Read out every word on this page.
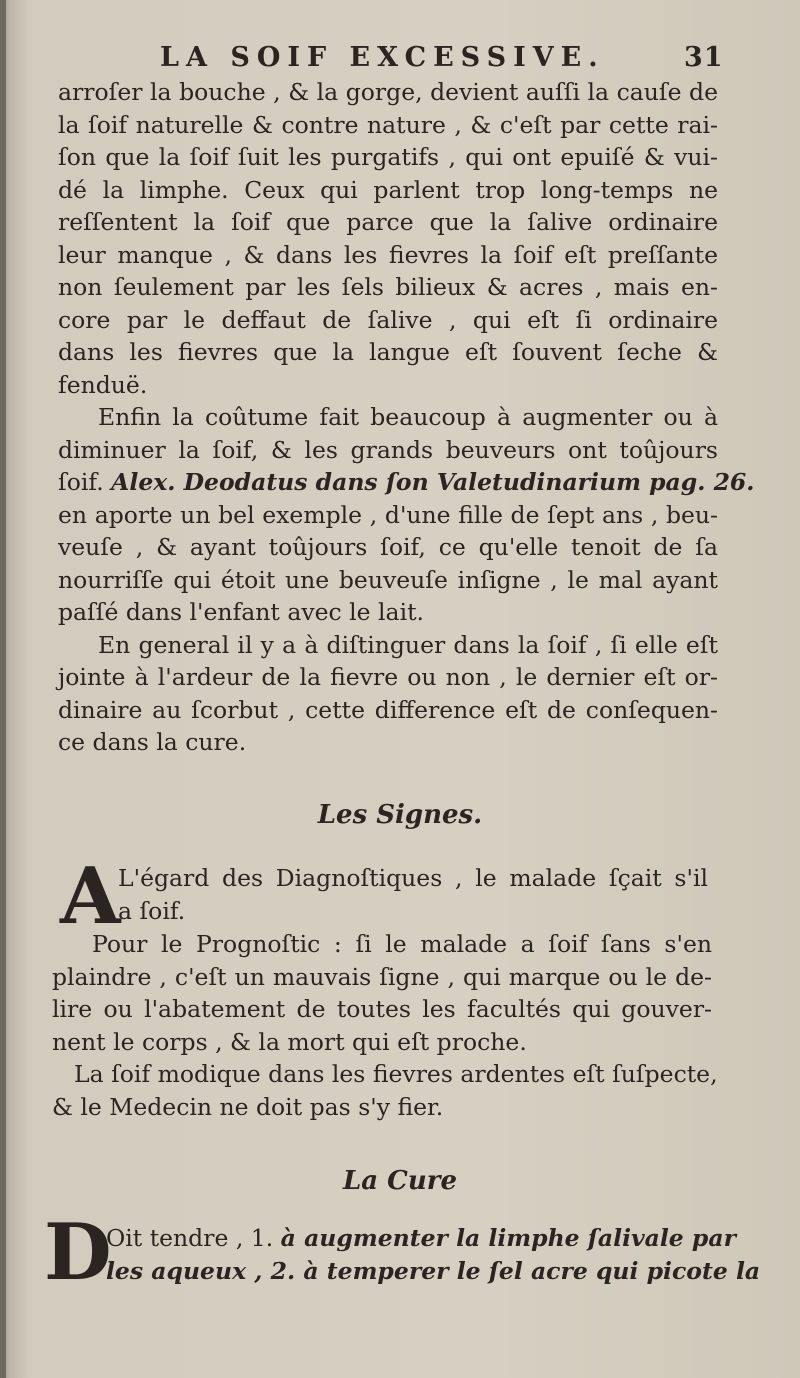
LA SOIF EXCESSIVE.	31
arroſer la bouche , & la gorge, devient auſſi la cauſe de
la ſoif naturelle & contre nature , & c'eſt par cette rai-
ſon que la ſoif ſuit les purgatifs , qui ont epuiſé & vui-
dé la limphe. Ceux qui parlent trop long-temps ne
reſſentent la ſoif que parce que la ſalive ordinaire
leur manque , & dans les fievres la ſoif eſt preſſante
non ſeulement par les ſels bilieux & acres , mais en-
core par le deffaut de ſalive , qui eſt ſi ordinaire
dans les fievres que la langue eſt ſouvent ſeche &
fenduë.
Enfin la coûtume fait beaucoup à augmenter ou à
diminuer la ſoif, & les grands beuveurs ont toûjours
ſoif. Alex. Deodatus dans ſon Valetudinarium pag. 26.
en aporte un bel exemple , d'une fille de ſept ans , beu-
veuſe , & ayant toûjours ſoif, ce qu'elle tenoit de ſa
nourriſſe qui étoit une beuveuſe inſigne , le mal ayant
paſſé dans l'enfant avec le lait.
En general il y a à diſtinguer dans la ſoif , ſi elle eſt
jointe à l'ardeur de la fievre ou non , le dernier eſt or-
dinaire au ſcorbut , cette difference eſt de conſequen-
ce dans la cure.
Les Signes.
A
L'égard des Diagnoſtiques , le malade ſçait s'il
a ſoif.
Pour le Prognoſtic : ſi le malade a ſoif ſans s'en
plaindre , c'eſt un mauvais ſigne , qui marque ou le de-
lire ou l'abatement de toutes les facultés qui gouver-
nent le corps , & la mort qui eſt proche.
La ſoif modique dans les fievres ardentes eſt ſuſpecte,
& le Medecin ne doit pas s'y fier.
La Cure
D
Oit tendre , 1. à augmenter la limphe ſalivale par
les aqueux , 2. à temperer le ſel acre qui picote la
